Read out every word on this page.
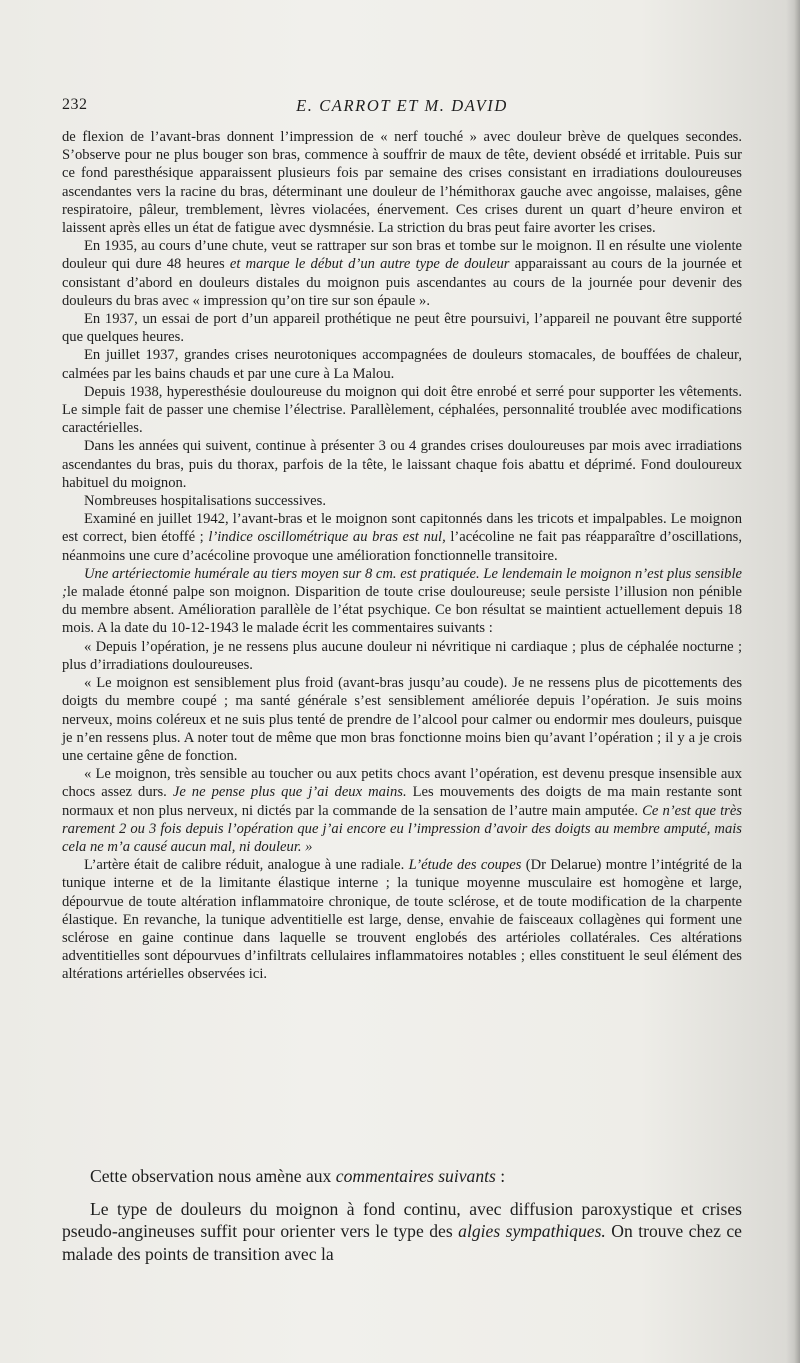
232	E. CARROT ET M. DAVID

de flexion de l’avant-bras donnent l’impression de « nerf touché » avec douleur brève de quelques secondes. S’observe pour ne plus bouger son bras, commence à souffrir de maux de tête, devient obsédé et irritable. Puis sur ce fond paresthésique apparaissent plusieurs fois par semaine des crises consistant en irradiations douloureuses ascendantes vers la racine du bras, déterminant une douleur de l’hémithorax gauche avec angoisse, malaises, gêne respiratoire, pâleur, tremblement, lèvres violacées, énervement. Ces crises durent un quart d’heure environ et laissent après elles un état de fatigue avec dysmnésie. La striction du bras peut faire avorter les crises.

En 1935, au cours d’une chute, veut se rattraper sur son bras et tombe sur le moignon. Il en résulte une violente douleur qui dure 48 heures et marque le début d’un autre type de douleur apparaissant au cours de la journée et consistant d’abord en douleurs distales du moignon puis ascendantes au cours de la journée pour devenir des douleurs du bras avec « impression qu’on tire sur son épaule ».

En 1937, un essai de port d’un appareil prothétique ne peut être poursuivi, l’appareil ne pouvant être supporté que quelques heures.

En juillet 1937, grandes crises neurotoniques accompagnées de douleurs stomacales, de bouffées de chaleur, calmées par les bains chauds et par une cure à La Malou.

Depuis 1938, hyperesthésie douloureuse du moignon qui doit être enrobé et serré pour supporter les vêtements. Le simple fait de passer une chemise l’électrise. Parallèlement, céphalées, personnalité troublée avec modifications caractérielles.

Dans les années qui suivent, continue à présenter 3 ou 4 grandes crises douloureuses par mois avec irradiations ascendantes du bras, puis du thorax, parfois de la tête, le laissant chaque fois abattu et déprimé. Fond douloureux habituel du moignon.

Nombreuses hospitalisations successives.

Examiné en juillet 1942, l’avant-bras et le moignon sont capitonnés dans les tricots et impalpables. Le moignon est correct, bien étoffé ; l’indice oscillométrique au bras est nul, l’acécoline ne fait pas réapparaître d’oscillations, néanmoins une cure d’acécoline provoque une amélioration fonctionnelle transitoire.

Une artériectomie humérale au tiers moyen sur 8 cm. est pratiquée. Le lendemain le moignon n’est plus sensible ;le malade étonné palpe son moignon. Disparition de toute crise douloureuse; seule persiste l’illusion non pénible du membre absent. Amélioration parallèle de l’état psychique. Ce bon résultat se maintient actuellement depuis 18 mois. A la date du 10-12-1943 le malade écrit les commentaires suivants :

« Depuis l’opération, je ne ressens plus aucune douleur ni névritique ni cardiaque ; plus de céphalée nocturne ; plus d’irradiations douloureuses.

« Le moignon est sensiblement plus froid (avant-bras jusqu’au coude). Je ne ressens plus de picottements des doigts du membre coupé ; ma santé générale s’est sensiblement améliorée depuis l’opération. Je suis moins nerveux, moins coléreux et ne suis plus tenté de prendre de l’alcool pour calmer ou endormir mes douleurs, puisque je n’en ressens plus. A noter tout de même que mon bras fonctionne moins bien qu’avant l’opération ; il y a je crois une certaine gêne de fonction.

« Le moignon, très sensible au toucher ou aux petits chocs avant l’opération, est devenu presque insensible aux chocs assez durs. Je ne pense plus que j’ai deux mains. Les mouvements des doigts de ma main restante sont normaux et non plus nerveux, ni dictés par la commande de la sensation de l’autre main amputée. Ce n’est que très rarement 2 ou 3 fois depuis l’opération que j’ai encore eu l’impression d’avoir des doigts au membre amputé, mais cela ne m’a causé aucun mal, ni douleur. »

L’artère était de calibre réduit, analogue à une radiale. L’étude des coupes (Dr Delarue) montre l’intégrité de la tunique interne et de la limitante élastique interne ; la tunique moyenne musculaire est homogène et large, dépourvue de toute altération inflammatoire chronique, de toute sclérose, et de toute modification de la charpente élastique. En revanche, la tunique adventitielle est large, dense, envahie de faisceaux collagènes qui forment une sclérose en gaine continue dans laquelle se trouvent englobés des artérioles collatérales. Ces altérations adventitielles sont dépourvues d’infiltrats cellulaires inflammatoires notables ; elles constituent le seul élément des altérations artérielles observées ici.

Cette observation nous amène aux commentaires suivants :

Le type de douleurs du moignon à fond continu, avec diffusion paroxystique et crises pseudo-angineuses suffit pour orienter vers le type des algies sympathiques. On trouve chez ce malade des points de transition avec la
